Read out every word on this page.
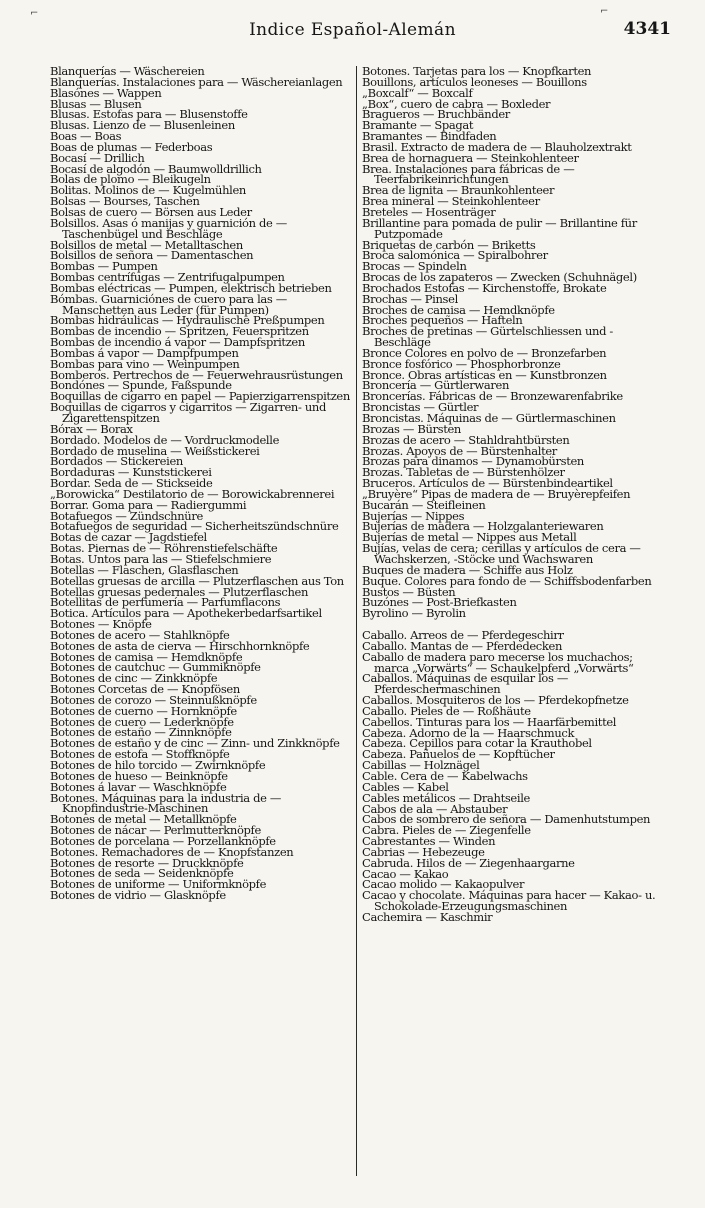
Indice Español-Alemán	4341
⌐	⌐

Blanquerías — Wäschereien

Blanquerías. Instalaciones para — Wäschereianlagen

Blasónes — Wappen

Blusas — Blusen

Blusas. Estofas para — Blusenstoffe

Blusas. Lienzo de — Blusenleinen

Boas — Boas

Boas de plumas — Federboas

Bocasí — Drillich

Bocasí de algodón — Baumwolldrillich

Bolas de plomo — Bleikugeln

Bolitas. Molinos de — Kugelmühlen

Bolsas — Bourses, Taschen

Bolsas de cuero — Börsen aus Leder

Bolsillos. Asas ó manijas y guarnición de — Taschenbügel und Beschläge

Bolsillos de metal — Metalltaschen

Bolsillos de señora — Damentaschen

Bombas — Pumpen

Bombas centrífugas — Zentrifugalpumpen

Bombas eléctricas — Pumpen, elektrisch betrieben

Bómbas. Guarniciónes de cuero para las — Manschetten aus Leder (für Pumpen)

Bombas hidráulicas — Hydraulische Preßpumpen

Bombas de incendio — Spritzen, Feuerspritzen

Bombas de incendio á vapor — Dampfspritzen

Bombas á vapor — Dampfpumpen

Bombas para vino — Weinpumpen

Bomberos. Pertrechos de — Feuerwehrausrüstungen

Bondónes — Spunde, Faßspunde

Boquillas de cigarro en papel — Papierzigarrenspitzen

Boquillas de cigarros y cigarritos — Zigarren- und Zigarettenspitzen

Bórax — Borax

Bordado. Modelos de — Vordruckmodelle

Bordado de muselina — Weißstickerei

Bordados — Stickereien

Bordaduras — Kunststickerei

Bordar. Seda de — Stickseide

„Borowicka“ Destilatorio de — Borowickabrennerei

Borrar. Goma para — Radiergummi

Botafuegos — Zündschnüre

Botafuegos de seguridad — Sicherheitszündschnüre

Botas de cazar — Jagdstiefel

Botas. Piernas de — Röhrenstiefelschäfte

Botas. Untos para las — Stiefelschmiere

Botellas — Flaschen, Glasflaschen

Botellas gruesas de arcilla — Plutzerflaschen aus Ton

Botellas gruesas pedernales — Plutzerflaschen

Botellitas de perfumería — Parfumflacons

Botica. Artículos para — Apothekerbedarfsartikel

Botones — Knöpfe

Botones de acero — Stahlknöpfe

Botones de asta de cierva — Hirschhornknöpfe

Botones de camisa — Hemdknöpfe

Botones de cautchuc — Gummiknöpfe

Botones de cinc — Zinkknöpfe

Botones Corcetas de — Knopfösen

Botones de corozo — Steinnußknöpfe

Botones de cuerno — Hornknöpfe

Botones de cuero — Lederknöpfe

Botones de estaño — Zinnknöpfe

Botones de estaño y de cinc — Zinn- und Zinkknöpfe

Botones de estofa — Stoffknöpfe

Botones de hilo torcido — Zwirnknöpfe

Botones de hueso — Beinknöpfe

Botones á lavar — Waschknöpfe

Botones. Máquinas para la industria de — Knopfindustrie-Maschinen

Botones de metal — Metallknöpfe

Botones de nácar — Perlmutterknöpfe

Botones de porcelana — Porzellanknöpfe

Botones. Remachadores de — Knopfstanzen

Botones de resorte — Druckknöpfe

Botones de seda — Seidenknöpfe

Botones de uniforme — Uniformknöpfe

Botones de vidrio — Glasknöpfe

Botones. Tarjetas para los — Knopfkarten

Bouillons, artículos leoneses — Bouillons

„Boxcalf“ — Boxcalf

„Box“, cuero de cabra — Boxleder

Bragueros — Bruchbänder

Bramante — Spagat

Bramantes — Bindfaden

Brasil. Extracto de madera de — Blauholzextrakt

Brea de hornaguera — Steinkohlenteer

Brea. Instalaciones para fábricas de — Teerfabrikeinrichtungen

Brea de lignita — Braunkohlenteer

Brea mineral — Steinkohlenteer

Breteles — Hosenträger

Brillantine para pomada de pulir — Brillantine für Putzpomade

Briquetas de carbón — Briketts

Broca salomónica — Spiralbohrer

Brocas — Spindeln

Brocas de los zapateros — Zwecken (Schuhnägel)

Brochados Estofas — Kirchenstoffe, Brokate

Brochas — Pinsel

Broches de camisa — Hemdknöpfe

Broches pequeños — Hafteln

Broches de pretinas — Gürtelschliessen und -Beschläge

Bronce Colores en polvo de — Bronzefarben

Bronce fosfórico — Phosphorbronze

Bronce. Obras artísticas en — Kunstbronzen

Broncería — Gürtlerwaren

Broncerías. Fábricas de — Bronzewarenfabrike

Broncistas — Gürtler

Broncistas. Máquinas de — Gürtlermaschinen

Brozas — Bürsten

Brozas de acero — Stahldrahtbürsten

Brozas. Apoyos de — Bürstenhalter

Brozas para dinamos — Dynamobürsten

Brozas. Tabletas de — Bürstenhölzer

Bruceros. Artículos de — Bürstenbindeartikel

„Bruyère“ Pipas de madera de — Bruyèrepfeifen

Bucarán — Steifleinen

Bujerías — Nippes

Bujerías de madera — Holzgalanteriewaren

Bujerías de metal — Nippes aus Metall

Bujías, velas de cera; cerillas y artículos de cera — Wachskerzen, -Stöcke und Wachswaren

Buques de madera — Schiffe aus Holz

Buque. Colores para fondo de — Schiffsbodenfarben

Bustos — Büsten

Buzónes — Post-Briefkasten

Byrolino — Byrolin

Caballo. Arreos de — Pferdegeschirr

Caballo. Mantas de — Pferdedecken

Caballo de madera paro mecerse los muchachos; marca „Vorwärts“ — Schaukelpferd „Vorwärts“

Caballos. Máquinas de esquilar los — Pferdeschermaschinen

Caballos. Mosquiteros de los — Pferdekopfnetze

Caballo. Pieles de — Roßhäute

Cabellos. Tinturas para los — Haarfärbemittel

Cabeza. Adorno de la — Haarschmuck

Cabeza. Cepillos para cotar la Krauthobel

Cabeza. Pañuelos de — Kopftücher

Cabillas — Holznägel

Cable. Cera de — Kabelwachs

Cables — Kabel

Cables metálicos — Drahtseile

Cabos de ala — Abstauber

Cabos de sombrero de señora — Damenhutstumpen

Cabra. Pieles de — Ziegenfelle

Cabrestantes — Winden

Cabrias — Hebezeuge

Cabruda. Hilos de — Ziegenhaargarne

Cacao — Kakao

Cacao molido — Kakaopulver

Cacao y chocolate. Máquinas para hacer — Kakao- u. Schokolade-Erzeugungsmaschinen

Cachemira — Kaschmir
